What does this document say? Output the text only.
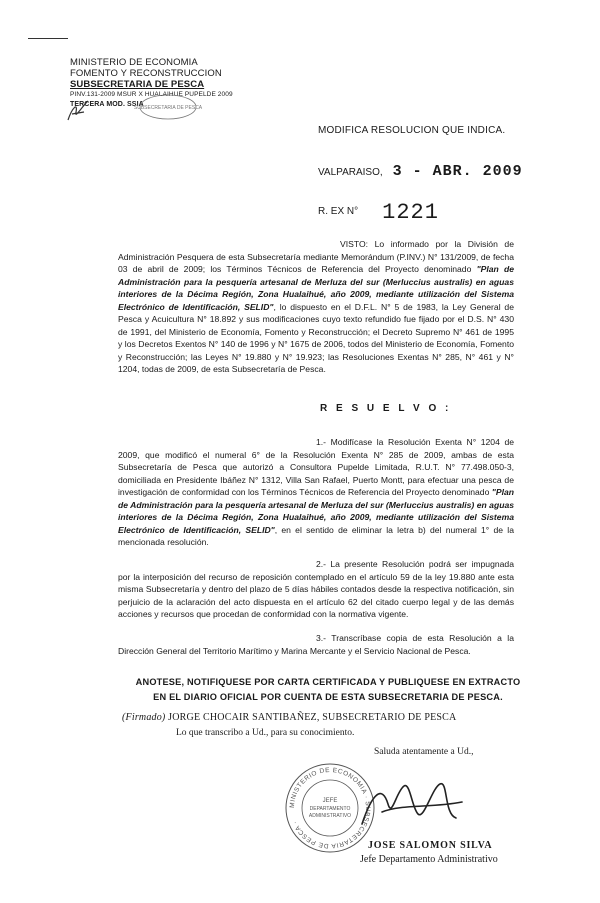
MINISTERIO DE ECONOMIA
FOMENTO Y RECONSTRUCCION
SUBSECRETARIA DE PESCA
PINV.131-2009 MSUR X HUALAIHUE PUPELDE 2009
TERCERA MOD. SSIA
SUBSECRETARIA DE PESCA
MODIFICA RESOLUCION QUE INDICA.
VALPARAISO, 3 - ABR. 2009
R. EX N° 1221
VISTO: Lo informado por la División de Administración Pesquera de esta Subsecretaría mediante Memorándum (P.INV.) N° 131/2009, de fecha 03 de abril de 2009; los Términos Técnicos de Referencia del Proyecto denominado "Plan de Administración para la pesquería artesanal de Merluza del sur (Merluccius australis) en aguas interiores de la Décima Región, Zona Hualaihué, año 2009, mediante utilización del Sistema Electrónico de Identificación, SELID", lo dispuesto en el D.F.L. N° 5 de 1983, la Ley General de Pesca y Acuicultura N° 18.892 y sus modificaciones cuyo texto refundido fue fijado por el D.S. N° 430 de 1991, del Ministerio de Economía, Fomento y Reconstrucción; el Decreto Supremo N° 461 de 1995 y los Decretos Exentos N° 140 de 1996 y N° 1675 de 2006, todos del Ministerio de Economía, Fomento y Reconstrucción; las Leyes N° 19.880 y N° 19.923; las Resoluciones Exentas N° 285, N° 461 y N° 1204, todas de 2009, de esta Subsecretaría de Pesca.
R E S U E L V O :
1.- Modifícase la Resolución Exenta N° 1204 de 2009, que modificó el numeral 6° de la Resolución Exenta N° 285 de 2009, ambas de esta Subsecretaría de Pesca que autorizó a Consultora Pupelde Limitada, R.U.T. N° 77.498.050-3, domiciliada en Presidente Ibáñez N° 1312, Villa San Rafael, Puerto Montt, para efectuar una pesca de investigación de conformidad con los Términos Técnicos de Referencia del Proyecto denominado "Plan de Administración para la pesquería artesanal de Merluza del sur (Merluccius australis) en aguas interiores de la Décima Región, Zona Hualaihué, año 2009, mediante utilización del Sistema Electrónico de Identificación, SELID", en el sentido de eliminar la letra b) del numeral 1° de la mencionada resolución.
2.- La presente Resolución podrá ser impugnada por la interposición del recurso de reposición contemplado en el artículo 59 de la ley 19.880 ante esta misma Subsecretaría y dentro del plazo de 5 días hábiles contados desde la respectiva notificación, sin perjuicio de la aclaración del acto dispuesta en el artículo 62 del citado cuerpo legal y de las demás acciones y recursos que procedan de conformidad con la normativa vigente.
3.- Transcríbase copia de esta Resolución a la Dirección General del Territorio Marítimo y Marina Mercante y el Servicio Nacional de Pesca.
ANOTESE, NOTIFIQUESE POR CARTA CERTIFICADA Y PUBLIQUESE EN EXTRACTO
EN EL DIARIO OFICIAL POR CUENTA DE ESTA SUBSECRETARIA DE PESCA.
(Firmado) JORGE CHOCAIR SANTIBAÑEZ, SUBSECRETARIO DE PESCA
Lo que transcribo a Ud., para su conocimiento.
Saluda atentamente a Ud.,
MINISTERIO DE ECONOMIA · SUBSECRETARIA DE PESCA ·
JEFE
DEPARTAMENTO
ADMINISTRATIVO
JOSE SALOMON SILVA
Jefe Departamento Administrativo
